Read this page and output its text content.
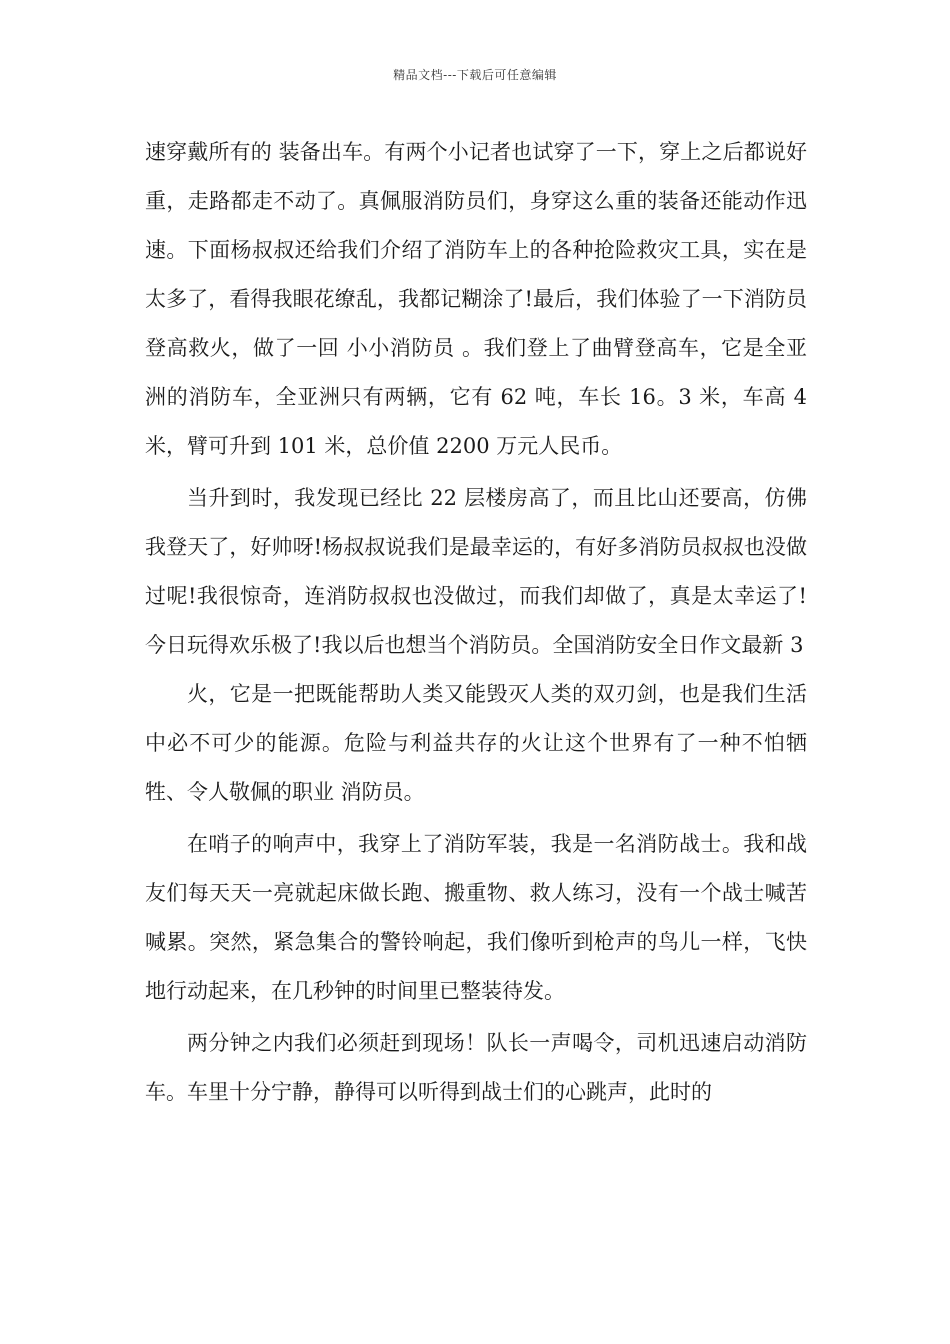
精品文档---下载后可任意编辑

速穿戴所有的 装备出车。有两个小记者也试穿了一下，穿上之后都说好重，走路都走不动了。真佩服消防员们，身穿这么重的装备还能动作迅速。下面杨叔叔还给我们介绍了消防车上的各种抢险救灾工具，实在是太多了，看得我眼花缭乱，我都记糊涂了!最后，我们体验了一下消防员登高救火，做了一回 小小消防员 。我们登上了曲臂登高车，它是全亚洲的消防车，全亚洲只有两辆，它有 62 吨，车长 16。3 米，车高 4 米，臂可升到 101 米，总价值 2200 万元人民币。

当升到时，我发现已经比 22 层楼房高了，而且比山还要高，仿佛我登天了，好帅呀!杨叔叔说我们是最幸运的，有好多消防员叔叔也没做过呢!我很惊奇，连消防叔叔也没做过，而我们却做了，真是太幸运了!今日玩得欢乐极了!我以后也想当个消防员。全国消防安全日作文最新 3

火，它是一把既能帮助人类又能毁灭人类的双刃剑，也是我们生活中必不可少的能源。危险与利益共存的火让这个世界有了一种不怕牺牲、令人敬佩的职业 消防员。

在哨子的响声中，我穿上了消防军装，我是一名消防战士。我和战友们每天天一亮就起床做长跑、搬重物、救人练习，没有一个战士喊苦喊累。突然，紧急集合的警铃响起，我们像听到枪声的鸟儿一样，飞快地行动起来，在几秒钟的时间里已整装待发。

两分钟之内我们必须赶到现场！队长一声喝令，司机迅速启动消防车。车里十分宁静，静得可以听得到战士们的心跳声，此时的
